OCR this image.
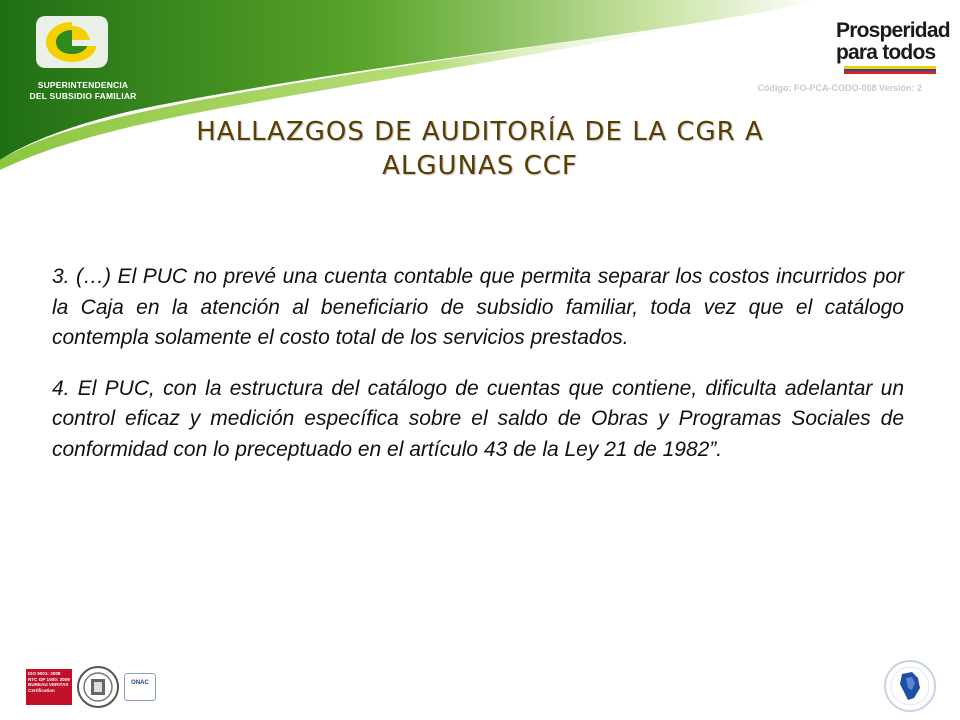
SUPERINTENDENCIA
DEL SUBSIDIO FAMILIAR
Prosperidad
para todos
Código: FO-PCA-CODO-008 Versión: 2
HALLAZGOS DE AUDITORÍA DE LA CGR A
ALGUNAS CCF

3. (…) El PUC no prevé una cuenta contable que permita separar los costos incurridos por la Caja en la atención al beneficiario de subsidio familiar, toda vez que el catálogo contempla solamente el costo total de los servicios prestados.

4. El PUC, con la estructura del catálogo de cuentas que contiene, dificulta adelantar un control eficaz y medición específica sobre el saldo de Obras y Programas Sociales de conformidad con lo preceptuado en el artículo 43 de la Ley 21 de 1982”.

ISO 9001: 2008
NTC GP 1000: 2009
BUREAU VERITAS
Certification
ONAC
